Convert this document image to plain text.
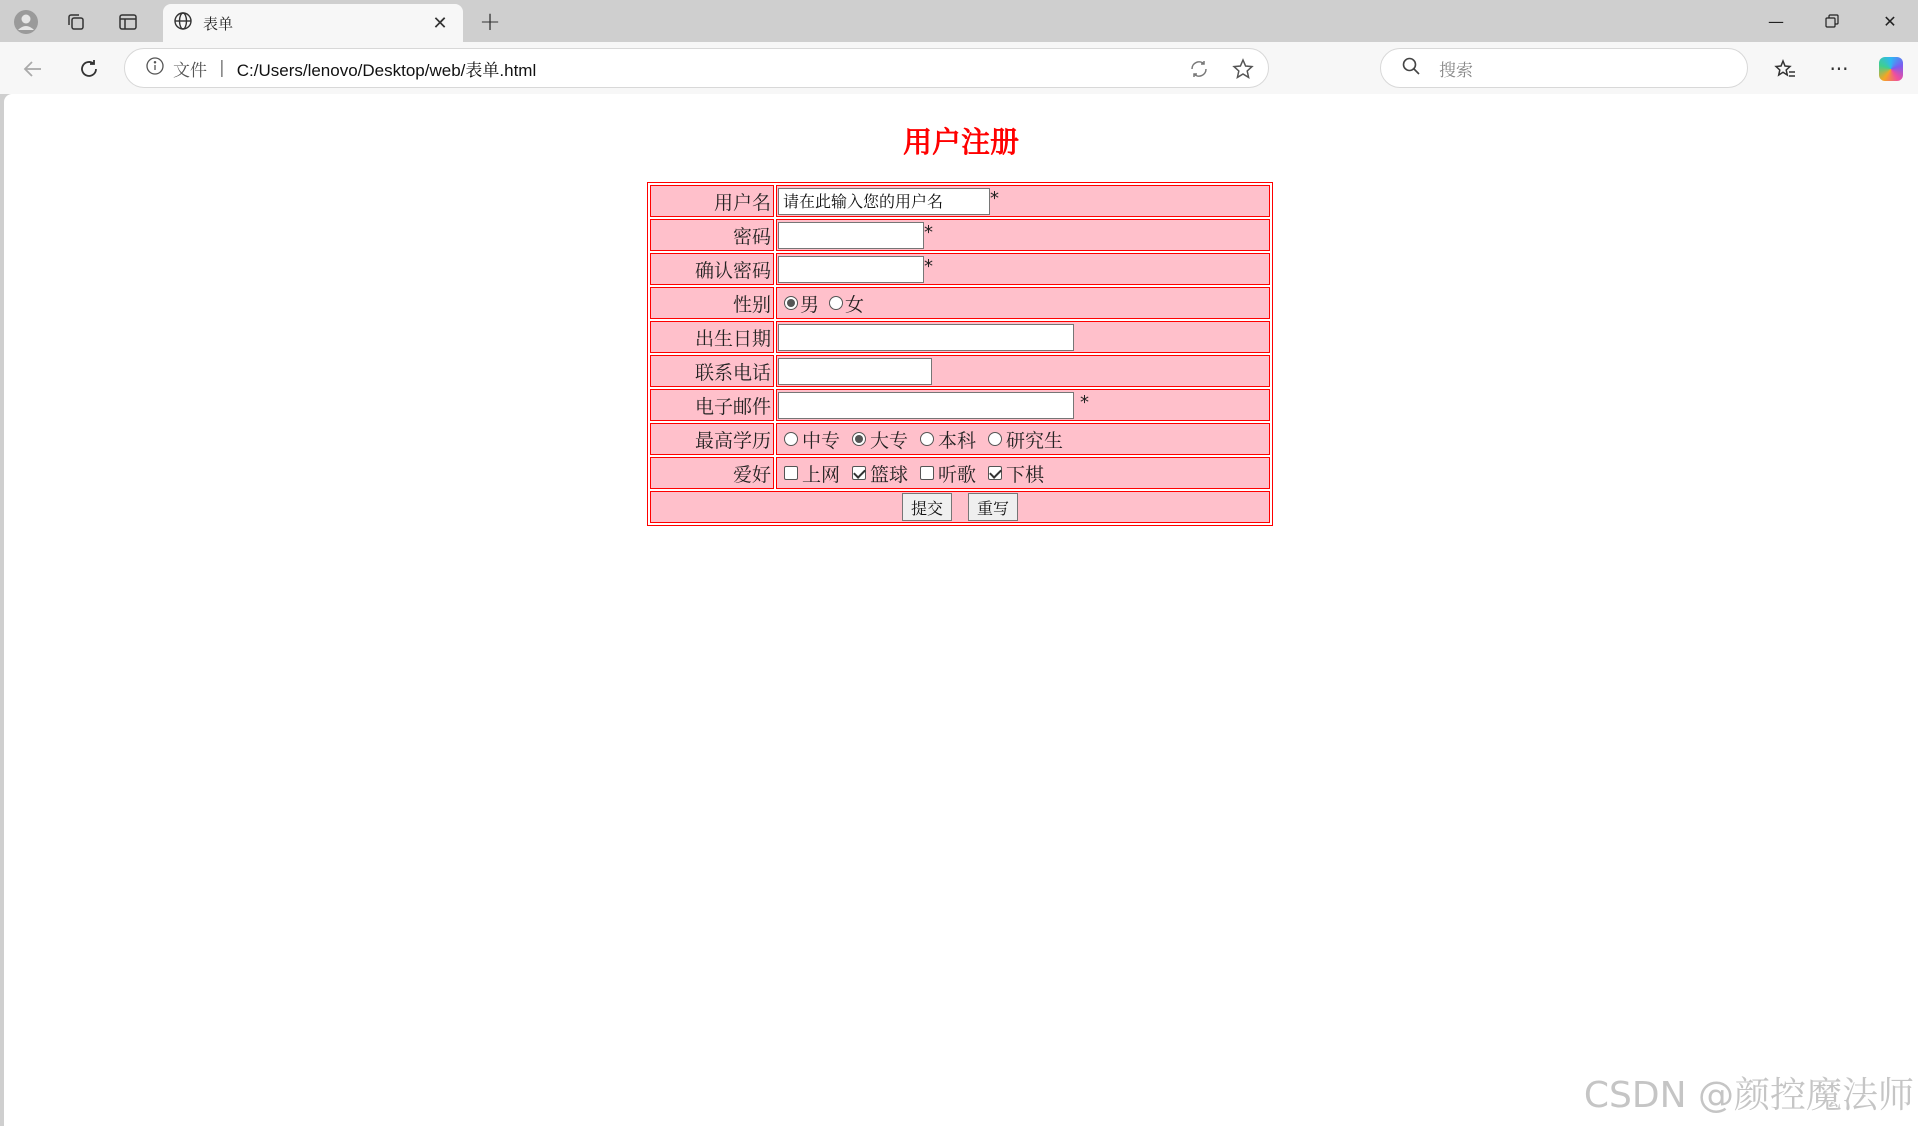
表单	✕ +	—	✕
文件 | C:/Users/lenovo/Desktop/web/表单.html	搜索	···
用户注册
用户名	请在此输入您的用户名 *
密码	*
确认密码	*
性别	男 女
出生日期	
联系电话	
电子邮件	*
最高学历	中专 大专 本科 研究生
爱好	上网 篮球 听歌 下棋
提交 重写	
CSDN @颜控魔法师
